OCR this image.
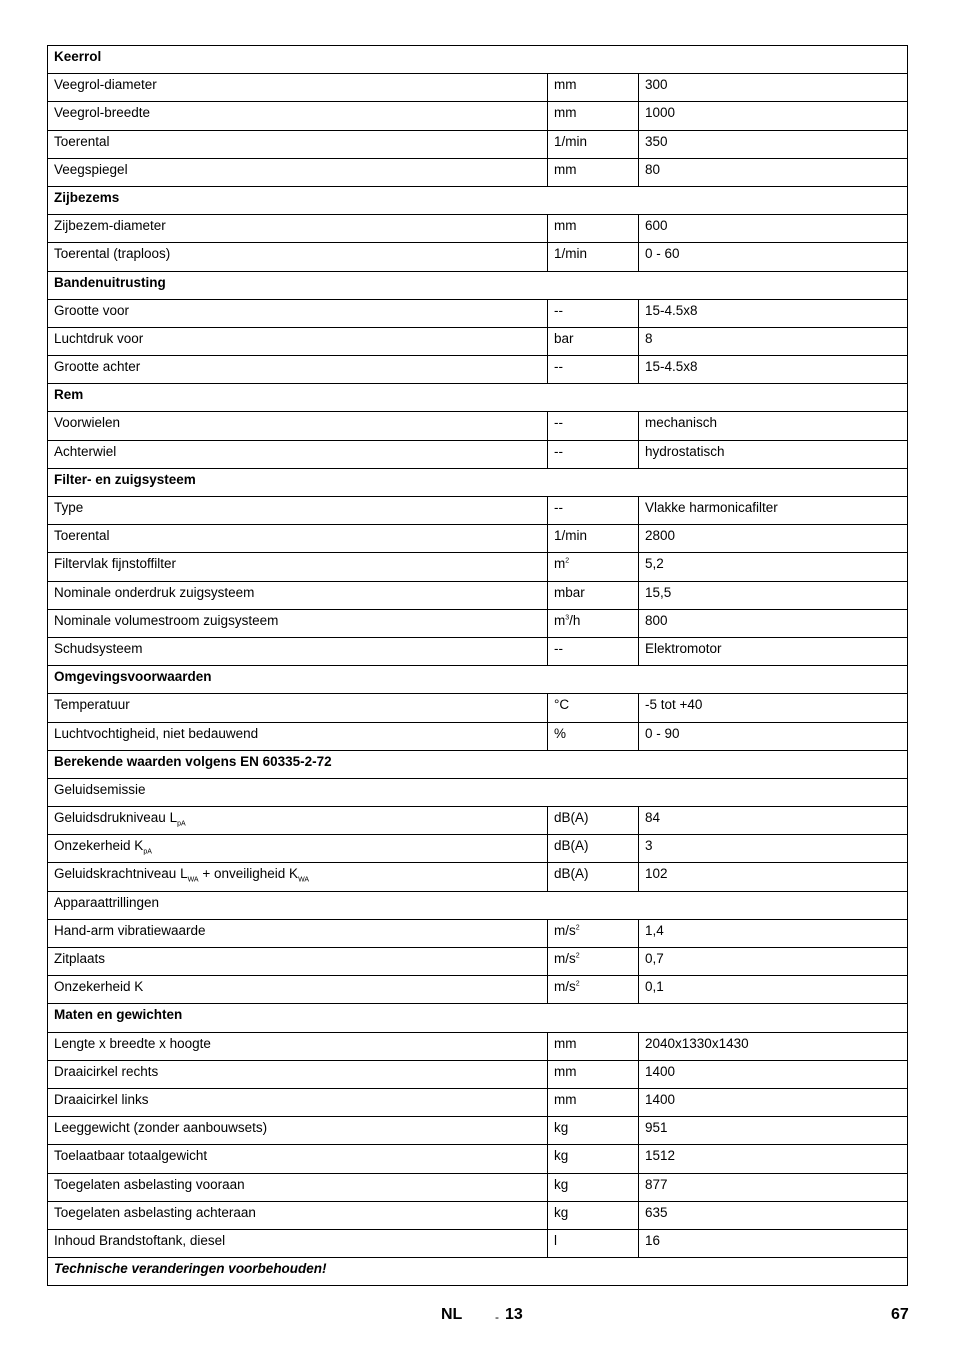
Keerrol		
Veegrol-diameter	mm	300
Veegrol-breedte	mm	1000
Toerental	1/min	350
Veegspiegel	mm	80
Zijbezems		
Zijbezem-diameter	mm	600
Toerental (traploos)	1/min	0 - 60
Bandenuitrusting		
Grootte voor	--	15-4.5x8
Luchtdruk voor	bar	8
Grootte achter	--	15-4.5x8
Rem		
Voorwielen	--	mechanisch
Achterwiel	--	hydrostatisch
Filter- en zuigsysteem		
Type	--	Vlakke harmonicafilter
Toerental	1/min	2800
Filtervlak fijnstoffilter	$m^2$	5,2
Nominale onderdruk zuigsysteem	mbar	15,5
Nominale volumestroom zuigsysteem	$m^3/h$	800
Schudsysteem	--	Elektromotor
Omgevingsvoorwaarden		
Temperatuur	°C	-5 tot +40
Luchtvochtigheid, niet bedauwend	%	0 - 90
Berekende waarden volgens EN 60335-2-72		
Geluidsemissie		
Geluidsdrukniveau $L_{pA}$	dB(A)	84
Onzekerheid $K_{pA}$	dB(A)	3
Geluidskrachtniveau $L_{WA}$ + onveiligheid $K_{WA}$	dB(A)	102
Apparaattrillingen		
Hand-arm vibratiewaarde	$m/s^2$	1,4
Zitplaats	$m/s^2$	0,7
Onzekerheid K	$m/s^2$	0,1
Maten en gewichten		
Lengte x breedte x hoogte	mm	2040x1330x1430
Draaicirkel rechts	mm	1400
Draaicirkel links	mm	1400
Leeggewicht (zonder aanbouwsets)	kg	951
Toelaatbaar totaalgewicht	kg	1512
Toegelaten asbelasting vooraan	kg	877
Toegelaten asbelasting achteraan	kg	635
Inhoud Brandstoftank, diesel	l	16
Technische veranderingen voorbehouden!		
NL	- 13	67
